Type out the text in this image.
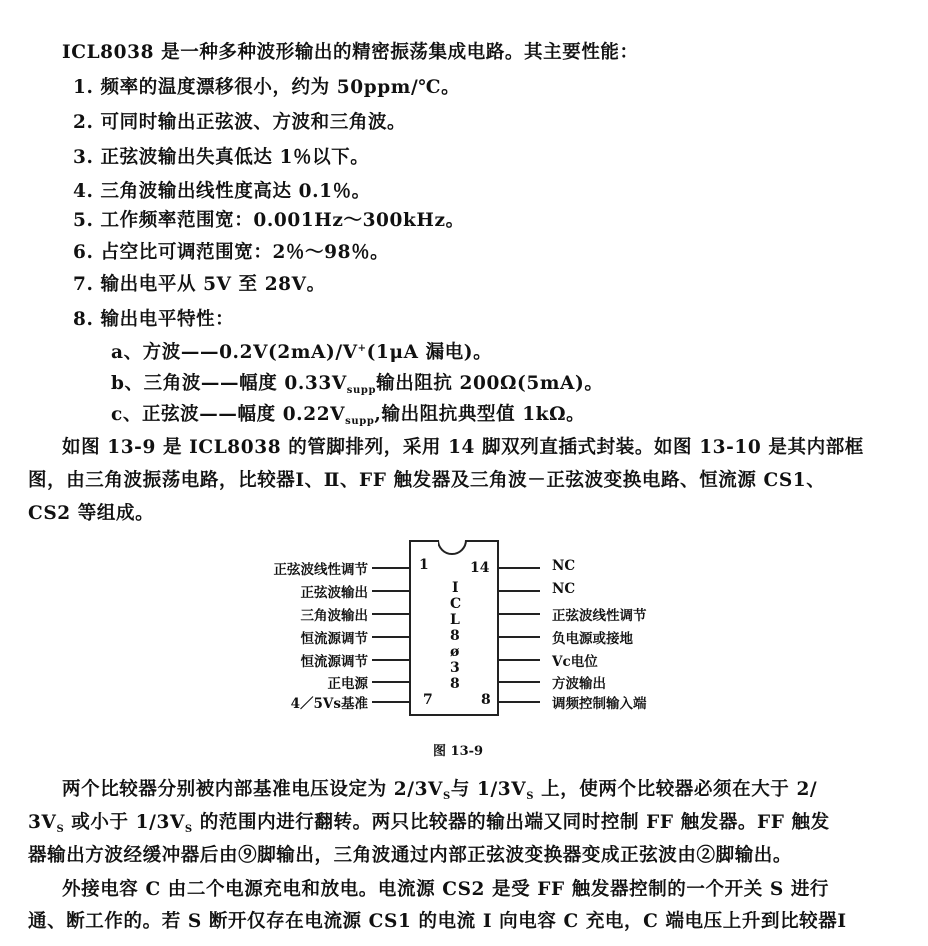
ICL8038 是一种多种波形输出的精密振荡集成电路。其主要性能：
1. 频率的温度漂移很小，约为 50ppm/℃。
2. 可同时输出正弦波、方波和三角波。
3. 正弦波输出失真低达 1％以下。
4. 三角波输出线性度高达 0.1％。
5. 工作频率范围宽：0.001Hz～300kHz。
6. 占空比可调范围宽：2％～98％。
7. 输出电平从 5V 至 28V。
8. 输出电平特性：
a、方波——0.2V(2mA)/V+(1μA 漏电)。
b、三角波——幅度 $0.33V_{supp}$输出阻抗 200Ω(5mA)。
c、正弦波——幅度 $0.22V_{supp}$,输出阻抗典型值 1kΩ。
如图 13-9 是 ICL8038 的管脚排列，采用 14 脚双列直插式封装。如图 13-10 是其内部框
图，由三角波振荡电路，比较器Ⅰ、Ⅱ、FF 触发器及三角波－正弦波变换电路、恒流源 CS1、
CS2 等组成。
1	14
7	8
I
C
L
8
ø
3
8
正弦波线性调节
正弦波输出
三角波输出
恒流源调节
恒流源调节
正电源
4／5Vs基准
NC
NC
正弦波线性调节
负电源或接地
Vc电位
方波输出
调频控制输入端
图 13-9
两个比较器分别被内部基准电压设定为 $2/3V_S$与 $1/3V_S$ 上，使两个比较器必须在大于 2/
$3V_S$ 或小于 $1/3V_S$ 的范围内进行翻转。两只比较器的输出端又同时控制 FF 触发器。FF 触发
器输出方波经缓冲器后由⑨脚输出，三角波通过内部正弦波变换器变成正弦波由②脚输出。
外接电容 C 由二个电源充电和放电。电流源 CS2 是受 FF 触发器控制的一个开关 S 进行
通、断工作的。若 S 断开仅存在电流源 CS1 的电流 I 向电容 C 充电，C 端电压上升到比较器Ⅰ
